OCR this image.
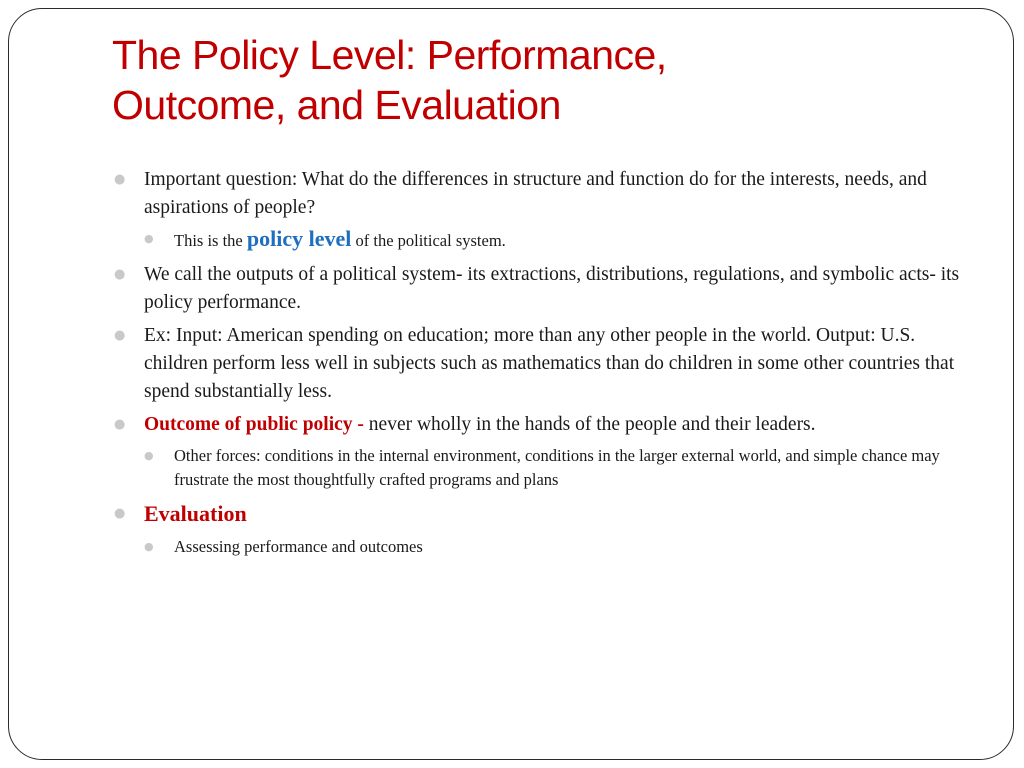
The Policy Level: Performance,
Outcome, and Evaluation
● Important question: What do the differences in structure and function do for the interests, needs, and aspirations of people?
● This is the policy level of the political system.
● We call the outputs of a political system- its extractions, distributions, regulations, and symbolic acts- its policy performance.
● Ex: Input: American spending on education; more than any other people in the world. Output: U.S. children perform less well in subjects such as mathematics than do children in some other countries that spend substantially less.
● Outcome of public policy - never wholly in the hands of the people and their leaders.
● Other forces: conditions in the internal environment, conditions in the larger external world, and simple chance may frustrate the most thoughtfully crafted programs and plans
● Evaluation
● Assessing performance and outcomes
